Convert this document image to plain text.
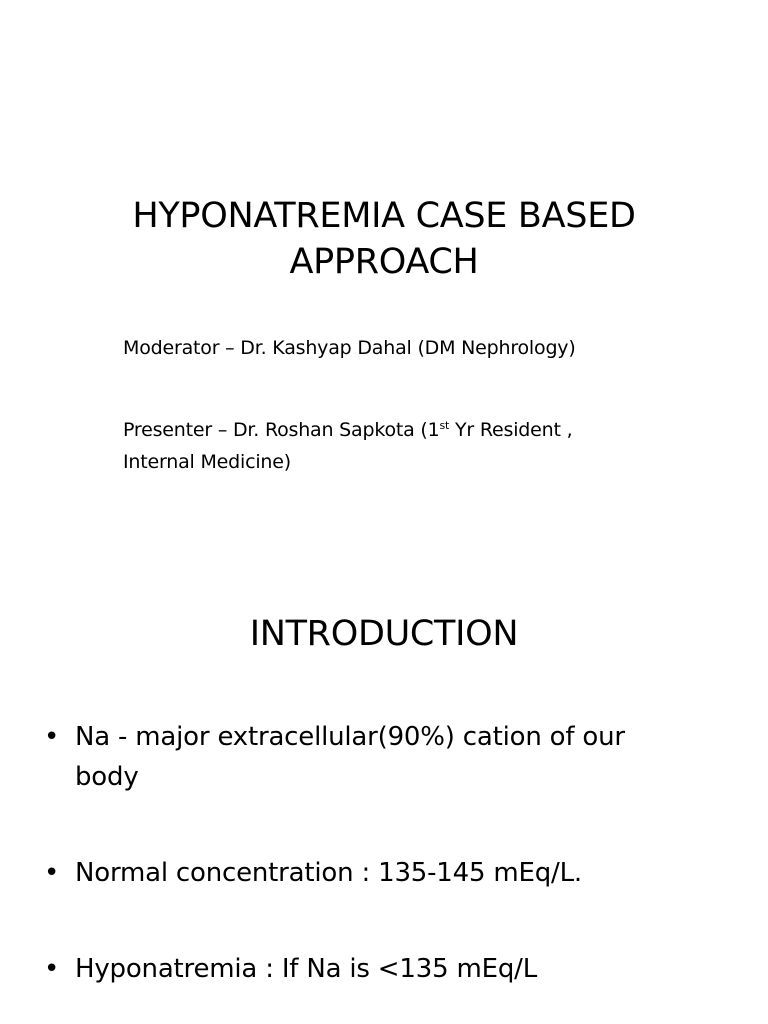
HYPONATREMIA CASE BASED
APPROACH
Moderator – Dr. Kashyap Dahal (DM Nephrology)
Presenter – Dr. Roshan Sapkota (1st Yr Resident ,
Internal Medicine)
INTRODUCTION
• Na - major extracellular(90%) cation of our
body
• Normal concentration : 135-145 mEq/L.
• Hyponatremia : If Na is <135 mEq/L
